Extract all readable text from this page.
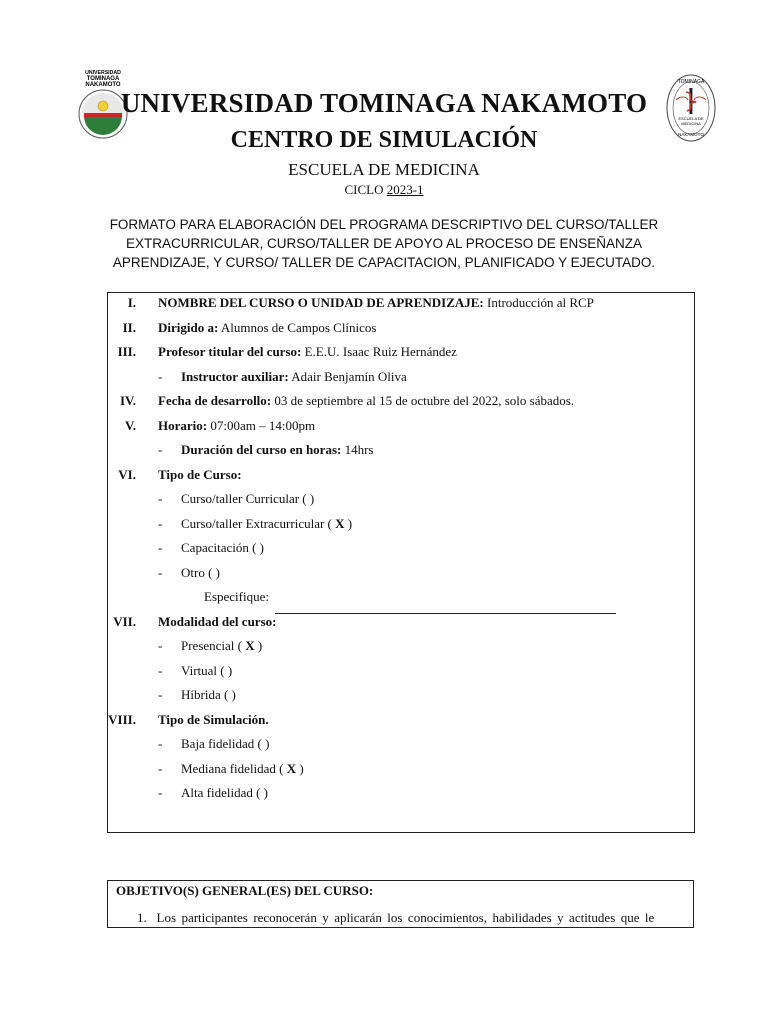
UNIVERSIDAD
TOMINAGA
NAKAMOTO	TOMINAGA
ESCUELA DE
MEDICINA
NAKAMOTO
UNIVERSIDAD TOMINAGA NAKAMOTO
CENTRO DE SIMULACIÓN
ESCUELA DE MEDICINA
CICLO 2023-1
FORMATO PARA ELABORACIÓN DEL PROGRAMA DESCRIPTIVO DEL CURSO/TALLER EXTRACURRICULAR, CURSO/TALLER DE APOYO AL PROCESO DE ENSEÑANZA APRENDIZAJE, Y CURSO/ TALLER DE CAPACITACION, PLANIFICADO Y EJECUTADO.
I. NOMBRE DEL CURSO O UNIDAD DE APRENDIZAJE: Introducción al RCP
II. Dirigido a: Alumnos de Campos Clínicos
III. Profesor titular del curso: E.E.U. Isaac Ruiz Hernández
- Instructor auxiliar: Adair Benjamín Oliva
IV. Fecha de desarrollo: 03 de septiembre al 15 de octubre del 2022, solo sábados.
V. Horario: 07:00am – 14:00pm
- Duración del curso en horas: 14hrs
VI. Tipo de Curso:
- Curso/taller Curricular ( )
- Curso/taller Extracurricular ( X )
- Capacitación ( )
- Otro ( )
Especifique:
VII. Modalidad del curso:
- Presencial ( X )
- Virtual ( )
- Híbrida ( )
VIII. Tipo de Simulación.
- Baja fidelidad ( )
- Mediana fidelidad ( X )
- Alta fidelidad ( )
OBJETIVO(S) GENERAL(ES) DEL CURSO:
1. Los participantes reconocerán y aplicarán los conocimientos, habilidades y actitudes que le
